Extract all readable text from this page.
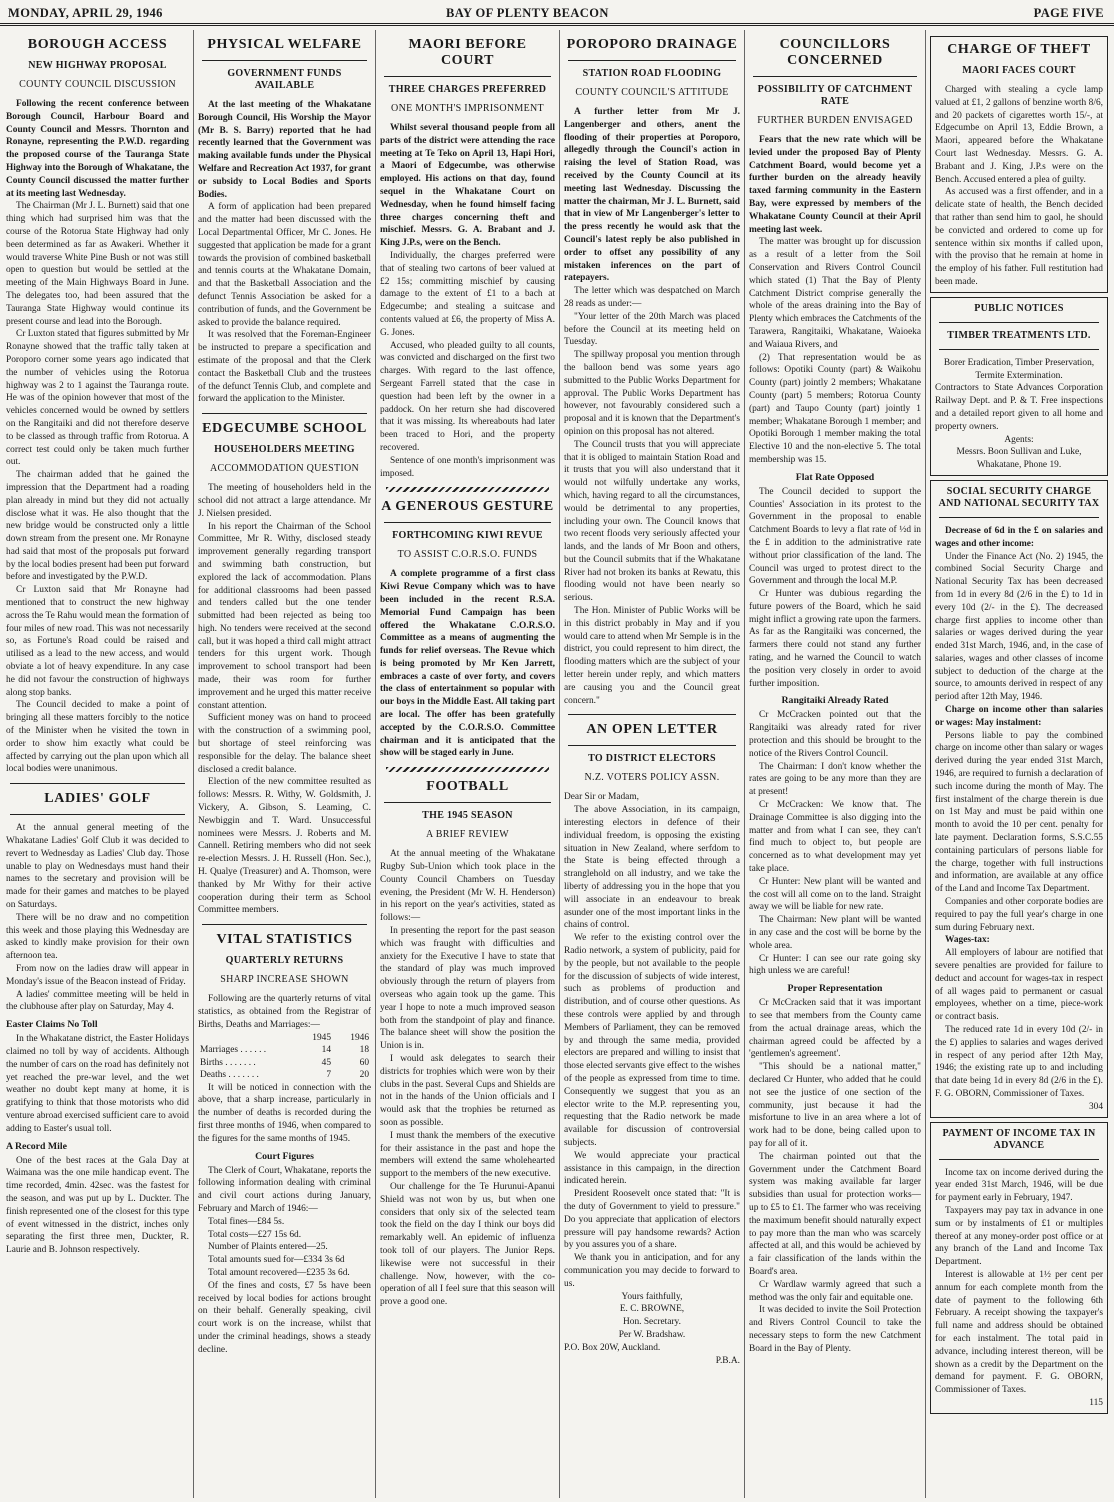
MONDAY, APRIL 29, 1946	BAY OF PLENTY BEACON	PAGE FIVE
BOROUGH ACCESS
NEW HIGHWAY PROPOSAL
COUNTY COUNCIL DISCUSSION

Following the recent conference between Borough Council, Harbour Board and County Council and Messrs. Thornton and Ronayne, representing the P.W.D. regarding the proposed course of the Tauranga State Highway into the Borough of Whakatane, the County Council discussed the matter further at its meeting last Wednesday.

The Chairman (Mr J. L. Burnett) said that one thing which had surprised him was that the course of the Rotorua State Highway had only been determined as far as Awakeri. Whether it would traverse White Pine Bush or not was still open to question but would be settled at the meeting of the Main Highways Board in June. The delegates too, had been assured that the Tauranga State Highway would continue its present course and lead into the Borough.

Cr Luxton stated that figures submitted by Mr Ronayne showed that the traffic tally taken at Poroporo corner some years ago indicated that the number of vehicles using the Rotorua highway was 2 to 1 against the Tauranga route. He was of the opinion however that most of the vehicles concerned would be owned by settlers on the Rangitaiki and did not therefore deserve to be classed as through traffic from Rotorua. A correct test could only be taken much further out.

The chairman added that he gained the impression that the Department had a roading plan already in mind but they did not actually disclose what it was. He also thought that the new bridge would be constructed only a little down stream from the present one. Mr Ronayne had said that most of the proposals put forward by the local bodies present had been put forward before and investigated by the P.W.D.

Cr Luxton said that Mr Ronayne had mentioned that to construct the new highway across the Te Rahu would mean the formation of four miles of new road. This was not necessarily so, as Fortune's Road could be raised and utilised as a lead to the new access, and would obviate a lot of heavy expenditure. In any case he did not favour the construction of highways along stop banks.

The Council decided to make a point of bringing all these matters forcibly to the notice of the Minister when he visited the town in order to show him exactly what could be affected by carrying out the plan upon which all local bodies were unanimous.

LADIES' GOLF

At the annual general meeting of the Whakatane Ladies' Golf Club it was decided to revert to Wednesday as Ladies' Club day. Those unable to play on Wednesdays must hand their names to the secretary and provision will be made for their games and matches to be played on Saturdays.

There will be no draw and no competition this week and those playing this Wednesday are asked to kindly make provision for their own afternoon tea.

From now on the ladies draw will appear in Monday's issue of the Beacon instead of Friday.

A ladies' committee meeting will be held in the clubhouse after play on Saturday, May 4.

Easter Claims No Toll

In the Whakatane district, the Easter Holidays claimed no toll by way of accidents. Although the number of cars on the road has definitely not yet reached the pre-war level, and the wet weather no doubt kept many at home, it is gratifying to think that those motorists who did venture abroad exercised sufficient care to avoid adding to Easter's usual toll.

A Record Mile

One of the best races at the Gala Day at Waimana was the one mile handicap event. The time recorded, 4min. 42sec. was the fastest for the season, and was put up by L. Duckter. The finish represented one of the closest for this type of event witnessed in the district, inches only separating the first three men, Duckter, R. Laurie and B. Johnson respectively.

PHYSICAL WELFARE
GOVERNMENT FUNDS AVAILABLE

At the last meeting of the Whakatane Borough Council, His Worship the Mayor (Mr B. S. Barry) reported that he had recently learned that the Government was making available funds under the Physical Welfare and Recreation Act 1937, for grant or subsidy to Local Bodies and Sports Bodies.

A form of application had been prepared and the matter had been discussed with the Local Departmental Officer, Mr C. Jones. He suggested that application be made for a grant towards the provision of combined basketball and tennis courts at the Whakatane Domain, and that the Basketball Association and the defunct Tennis Association be asked for a contribution of funds, and the Government be asked to provide the balance required.

It was resolved that the Foreman-Engineer be instructed to prepare a specification and estimate of the proposal and that the Clerk contact the Basketball Club and the trustees of the defunct Tennis Club, and complete and forward the application to the Minister.

EDGECUMBE SCHOOL
HOUSEHOLDERS MEETING
ACCOMMODATION QUESTION

The meeting of householders held in the school did not attract a large attendance. Mr J. Nielsen presided.

In his report the Chairman of the School Committee, Mr R. Withy, disclosed steady improvement generally regarding transport and swimming bath construction, but explored the lack of accommodation. Plans for additional classrooms had been passed and tenders called but the one tender submitted had been rejected as being too high. No tenders were received at the second call, but it was hoped a third call might attract tenders for this urgent work. Though improvement to school transport had been made, their was room for further improvement and he urged this matter receive constant attention.

Sufficient money was on hand to proceed with the construction of a swimming pool, but shortage of steel reinforcing was responsible for the delay. The balance sheet disclosed a credit balance.

Election of the new committee resulted as follows: Messrs. R. Withy, W. Goldsmith, J. Vickery, A. Gibson, S. Leaming, C. Newbiggin and T. Ward. Unsuccessful nominees were Messrs. J. Roberts and M. Cannell. Retiring members who did not seek re-election Messrs. J. H. Russell (Hon. Sec.), H. Qualye (Treasurer) and A. Thomson, were thanked by Mr Withy for their active cooperation during their term as School Committee members.

VITAL STATISTICS
QUARTERLY RETURNS
SHARP INCREASE SHOWN

Following are the quarterly returns of vital statistics, as obtained from the Registrar of Births, Deaths and Marriages:—

	1945	1946
Marriages . . . . . .	14	18
Births . . . . . . .	45	60
Deaths . . . . . . .	7	20

It will be noticed in connection with the above, that a sharp increase, particularly in the number of deaths is recorded during the first three months of 1946, when compared to the figures for the same months of 1945.

Court Figures

The Clerk of Court, Whakatane, reports the following information dealing with criminal and civil court actions during January, February and March of 1946:—

Total fines—£84 5s.

Total costs—£27 15s 6d.

Number of Plaints entered—25.

Total amounts sued for—£334 3s 6d

Total amount recovered—£235 3s 6d.

Of the fines and costs, £7 5s have been received by local bodies for actions brought on their behalf. Generally speaking, civil court work is on the increase, whilst that under the criminal headings, shows a steady decline.

MAORI BEFORE COURT
THREE CHARGES PREFERRED
ONE MONTH'S IMPRISONMENT

Whilst several thousand people from all parts of the district were attending the race meeting at Te Teko on April 13, Hapi Hori, a Maori of Edgecumbe, was otherwise employed. His actions on that day, found sequel in the Whakatane Court on Wednesday, when he found himself facing three charges concerning theft and mischief. Messrs. G. A. Brabant and J. King J.P.s, were on the Bench.

Individually, the charges preferred were that of stealing two cartons of beer valued at £2 15s; committing mischief by causing damage to the extent of £1 to a bach at Edgecumbe; and stealing a suitcase and contents valued at £6, the property of Miss A. G. Jones.

Accused, who pleaded guilty to all counts, was convicted and discharged on the first two charges. With regard to the last offence, Sergeant Farrell stated that the case in question had been left by the owner in a paddock. On her return she had discovered that it was missing. Its whereabouts had later been traced to Hori, and the property recovered.

Sentence of one month's imprisonment was imposed.

A GENEROUS GESTURE
FORTHCOMING KIWI REVUE
TO ASSIST C.O.R.S.O. FUNDS

A complete programme of a first class Kiwi Revue Company which was to have been included in the recent R.S.A. Memorial Fund Campaign has been offered the Whakatane C.O.R.S.O. Committee as a means of augmenting the funds for relief overseas. The Revue which is being promoted by Mr Ken Jarrett, embraces a caste of over forty, and covers the class of entertainment so popular with our boys in the Middle East. All taking part are local. The offer has been gratefully accepted by the C.O.R.S.O. Committee chairman and it is anticipated that the show will be staged early in June.

FOOTBALL
THE 1945 SEASON
A BRIEF REVIEW

At the annual meeting of the Whakatane Rugby Sub-Union which took place in the County Council Chambers on Tuesday evening, the President (Mr W. H. Henderson) in his report on the year's activities, stated as follows:—

In presenting the report for the past season which was fraught with difficulties and anxiety for the Executive I have to state that the standard of play was much improved obviously through the return of players from overseas who again took up the game. This year I hope to note a much improved season both from the standpoint of play and finance. The balance sheet will show the position the Union is in.

I would ask delegates to search their districts for trophies which were won by their clubs in the past. Several Cups and Shields are not in the hands of the Union officials and I would ask that the trophies be returned as soon as possible.

I must thank the members of the executive for their assistance in the past and hope the members will extend the same wholehearted support to the members of the new executive.

Our challenge for the Te Hurunui-Apanui Shield was not won by us, but when one considers that only six of the selected team took the field on the day I think our boys did remarkably well. An epidemic of influenza took toll of our players. The Junior Reps. likewise were not successful in their challenge. Now, however, with the co-operation of all I feel sure that this season will prove a good one.

POROPORO DRAINAGE
STATION ROAD FLOODING
COUNTY COUNCIL'S ATTITUDE

A further letter from Mr J. Langenberger and others, anent the flooding of their properties at Poroporo, allegedly through the Council's action in raising the level of Station Road, was received by the County Council at its meeting last Wednesday. Discussing the matter the chairman, Mr J. L. Burnett, said that in view of Mr Langenberger's letter to the press recently he would ask that the Council's latest reply be also published in order to offset any possibility of any mistaken inferences on the part of ratepayers.

The letter which was despatched on March 28 reads as under:—

"Your letter of the 20th March was placed before the Council at its meeting held on Tuesday.

The spillway proposal you mention through the balloon bend was some years ago submitted to the Public Works Department for approval. The Public Works Department has however, not favourably considered such a proposal and it is known that the Department's opinion on this proposal has not altered.

The Council trusts that you will appreciate that it is obliged to maintain Station Road and it trusts that you will also understand that it would not wilfully undertake any works, which, having regard to all the circumstances, would be detrimental to any properties, including your own. The Council knows that two recent floods very seriously affected your lands, and the lands of Mr Boon and others, but the Council submits that if the Whakatane River had not broken its banks at Rewatu, this flooding would not have been nearly so serious.

The Hon. Minister of Public Works will be in this district probably in May and if you would care to attend when Mr Semple is in the district, you could represent to him direct, the flooding matters which are the subject of your letter herein under reply, and which matters are causing you and the Council great concern."

AN OPEN LETTER
TO DISTRICT ELECTORS
N.Z. VOTERS POLICY ASSN.

Dear Sir or Madam,

The above Association, in its campaign, interesting electors in defence of their individual freedom, is opposing the existing situation in New Zealand, where serfdom to the State is being effected through a stranglehold on all industry, and we take the liberty of addressing you in the hope that you will associate in an endeavour to break asunder one of the most important links in the chains of control.

We refer to the existing control over the Radio network, a system of publicity, paid for by the people, but not available to the people for the discussion of subjects of wide interest, such as problems of production and distribution, and of course other questions. As these controls were applied by and through Members of Parliament, they can be removed by and through the same media, provided electors are prepared and willing to insist that those elected servants give effect to the wishes of the people as expressed from time to time. Consequently we suggest that you as an elector write to the M.P. representing you, requesting that the Radio network be made available for discussion of controversial subjects.

We would appreciate your practical assistance in this campaign, in the direction indicated herein.

President Roosevelt once stated that: "It is the duty of Government to yield to pressure." Do you appreciate that application of electors pressure will pay handsome rewards? Action by you assures you of a share.

We thank you in anticipation, and for any communication you may decide to forward to us.

Yours faithfully,

E. C. BROWNE,

Hon. Secretary.

Per W. Bradshaw.

P.O. Box 20W, Auckland.

P.B.A.

COUNCILLORS CONCERNED
POSSIBILITY OF CATCHMENT RATE
FURTHER BURDEN ENVISAGED

Fears that the new rate which will be levied under the proposed Bay of Plenty Catchment Board, would become yet a further burden on the already heavily taxed farming community in the Eastern Bay, were expressed by members of the Whakatane County Council at their April meeting last week.

The matter was brought up for discussion as a result of a letter from the Soil Conservation and Rivers Control Council which stated (1) That the Bay of Plenty Catchment District comprise generally the whole of the areas draining into the Bay of Plenty which embraces the Catchments of the Tarawera, Rangitaiki, Whakatane, Waioeka and Waiaua Rivers, and

(2) That representation would be as follows: Opotiki County (part) & Waikohu County (part) jointly 2 members; Whakatane County (part) 5 members; Rotorua County (part) and Taupo County (part) jointly 1 member; Whakatane Borough 1 member; and Opotiki Borough 1 member making the total Elective 10 and the non-elective 5. The total membership was 15.

Flat Rate Opposed

The Council decided to support the Counties' Association in its protest to the Government in the proposal to enable Catchment Boards to levy a flat rate of ½d in the £ in addition to the administrative rate without prior classification of the land. The Council was urged to protest direct to the Government and through the local M.P.

Cr Hunter was dubious regarding the future powers of the Board, which he said might inflict a growing rate upon the farmers. As far as the Rangitaiki was concerned, the farmers there could not stand any further rating, and he warned the Council to watch the position very closely in order to avoid further imposition.

Rangitaiki Already Rated

Cr McCracken pointed out that the Rangitaiki was already rated for river protection and this should be brought to the notice of the Rivers Control Council.

The Chairman: I don't know whether the rates are going to be any more than they are at present!

Cr McCracken: We know that. The Drainage Committee is also digging into the matter and from what I can see, they can't find much to object to, but people are concerned as to what development may yet take place.

Cr Hunter: New plant will be wanted and the cost will all come on to the land. Straight away we will be liable for new rate.

The Chairman: New plant will be wanted in any case and the cost will be borne by the whole area.

Cr Hunter: I can see our rate going sky high unless we are careful!

Proper Representation

Cr McCracken said that it was important to see that members from the County came from the actual drainage areas, which the chairman agreed could be affected by a 'gentlemen's agreement'.

"This should be a national matter," declared Cr Hunter, who added that he could not see the justice of one section of the community, just because it had the misfortune to live in an area where a lot of work had to be done, being called upon to pay for all of it.

The chairman pointed out that the Government under the Catchment Board system was making available far larger subsidies than usual for protection works—up to £5 to £1. The farmer who was receiving the maximum benefit should naturally expect to pay more than the man who was scarcely affected at all, and this would be achieved by a fair classification of the lands within the Board's area.

Cr Wardlaw warmly agreed that such a method was the only fair and equitable one.

It was decided to invite the Soil Protection and Rivers Control Council to take the necessary steps to form the new Catchment Board in the Bay of Plenty.

CHARGE OF THEFT
MAORI FACES COURT

Charged with stealing a cycle lamp valued at £1, 2 gallons of benzine worth 8/6, and 20 packets of cigarettes worth 15/-, at Edgecumbe on April 13, Eddie Brown, a Maori, appeared before the Whakatane Court last Wednesday. Messrs. G. A. Brabant and J. King, J.P.s were on the Bench. Accused entered a plea of guilty.

As accused was a first offender, and in a delicate state of health, the Bench decided that rather than send him to gaol, he should be convicted and ordered to come up for sentence within six months if called upon, with the proviso that he remain at home in the employ of his father. Full restitution had been made.

PUBLIC NOTICES
TIMBER TREATMENTS LTD.

Borer Eradication, Timber Preservation, Termite Extermination.

Contractors to State Advances Corporation Railway Dept. and P. & T. Free inspections and a detailed report given to all home and property owners.

Agents:

Messrs. Boon Sullivan and Luke, Whakatane, Phone 19.

SOCIAL SECURITY CHARGE AND NATIONAL SECURITY TAX

Decrease of 6d in the £ on salaries and wages and other income:

Under the Finance Act (No. 2) 1945, the combined Social Security Charge and National Security Tax has been decreased from 1d in every 8d (2/6 in the £) to 1d in every 10d (2/- in the £). The decreased charge first applies to income other than salaries or wages derived during the year ended 31st March, 1946, and, in the case of salaries, wages and other classes of income subject to deduction of the charge at the source, to amounts derived in respect of any period after 12th May, 1946.

Charge on income other than salaries or wages: May instalment:

Persons liable to pay the combined charge on income other than salary or wages derived during the year ended 31st March, 1946, are required to furnish a declaration of such income during the month of May. The first instalment of the charge therein is due on 1st May and must be paid within one month to avoid the 10 per cent. penalty for late payment. Declaration forms, S.S.C.55 containing particulars of persons liable for the charge, together with full instructions and information, are available at any office of the Land and Income Tax Department.

Companies and other corporate bodies are required to pay the full year's charge in one sum during February next.

Wages-tax:

All employers of labour are notified that severe penalties are provided for failure to deduct and account for wages-tax in respect of all wages paid to permanent or casual employees, whether on a time, piece-work or contract basis.

The reduced rate 1d in every 10d (2/- in the £) applies to salaries and wages derived in respect of any period after 12th May, 1946; the existing rate up to and including that date being 1d in every 8d (2/6 in the £). F. G. OBORN, Commissioner of Taxes.

304

PAYMENT OF INCOME TAX IN ADVANCE

Income tax on income derived during the year ended 31st March, 1946, will be due for payment early in February, 1947.

Taxpayers may pay tax in advance in one sum or by instalments of £1 or multiples thereof at any money-order post office or at any branch of the Land and Income Tax Department.

Interest is allowable at 1½ per cent per annum for each complete month from the date of payment to the following 6th February. A receipt showing the taxpayer's full name and address should be obtained for each instalment. The total paid in advance, including interest thereon, will be shown as a credit by the Department on the demand for payment. F. G. OBORN, Commissioner of Taxes.

115
